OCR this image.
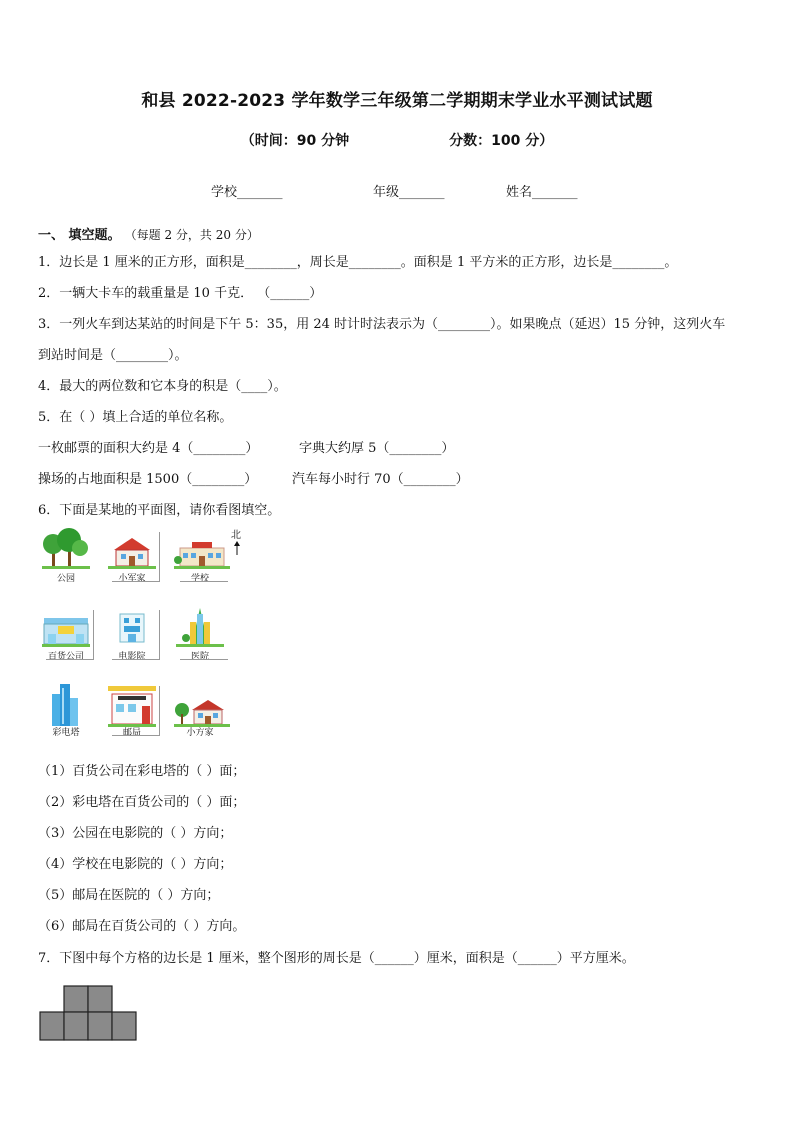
和县 2022-2023 学年数学三年级第二学期期末学业水平测试试题
（时间：90 分钟	分数：100 分）
学校_______	年级_______	姓名_______
一、 填空题。 （每题 2 分，共 20 分）
1．边长是 1 厘米的正方形，面积是________，周长是________。面积是 1 平方米的正方形，边长是________。
2．一辆大卡车的载重量是 10 千克． （______）
3．一列火车到达某站的时间是下午 5：35，用 24 时计时法表示为（________）。如果晚点（延迟）15 分钟，这列火车
到站时间是（________）。
4．最大的两位数和它本身的积是（____）。
5．在（ ）填上合适的单位名称。
一枚邮票的面积大约是 4（________）	字典大约厚 5（________）
操场的占地面积是 1500（________）	汽车每小时行 70（________）
6．下面是某地的平面图，请你看图填空。
北
公园	小军家	学校
百货公司	电影院	医院
彩电塔	邮局	小方家
（1）百货公司在彩电塔的（ ）面；
（2）彩电塔在百货公司的（ ）面；
（3）公园在电影院的（ ）方向；
（4）学校在电影院的（ ）方向；
（5）邮局在医院的（ ）方向；
（6）邮局在百货公司的（ ）方向。
7．下图中每个方格的边长是 1 厘米，整个图形的周长是（______）厘米，面积是（______）平方厘米。
